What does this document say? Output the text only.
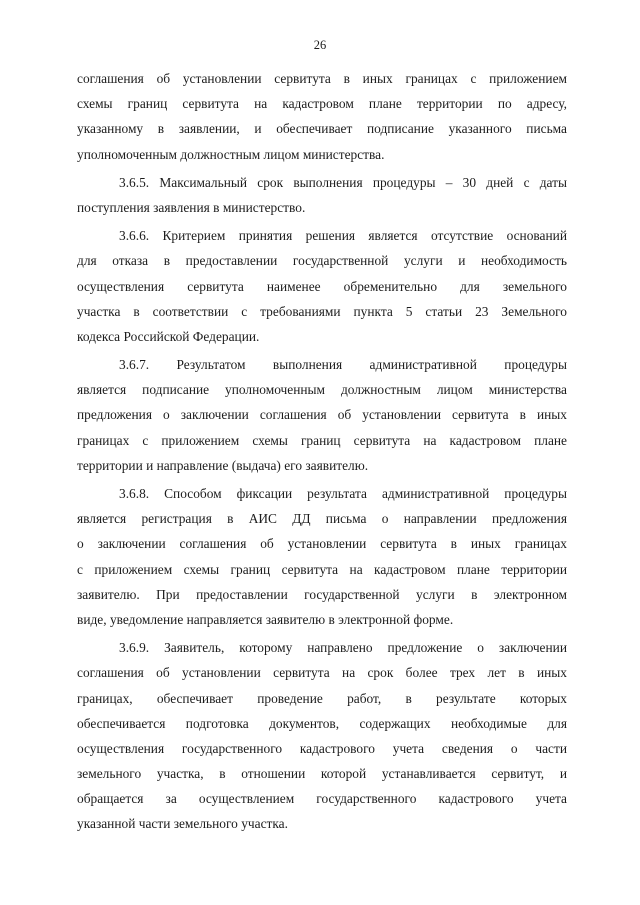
26
соглашения об установлении сервитута в иных границах с приложением
схемы границ сервитута на кадастровом плане территории по адресу,
указанному в заявлении, и обеспечивает подписание указанного письма
уполномоченным должностным лицом министерства.
3.6.5. Максимальный срок выполнения процедуры – 30 дней с даты
поступления заявления в министерство.
3.6.6. Критерием принятия решения является отсутствие оснований
для отказа в предоставлении государственной услуги и необходимость
осуществления сервитута наименее обременительно для земельного
участка в соответствии с требованиями пункта 5 статьи 23 Земельного
кодекса Российской Федерации.
3.6.7. Результатом выполнения административной процедуры
является подписание уполномоченным должностным лицом министерства
предложения о заключении соглашения об установлении сервитута в иных
границах с приложением схемы границ сервитута на кадастровом плане
территории и направление (выдача) его заявителю.
3.6.8. Способом фиксации результата административной процедуры
является регистрация в АИС ДД письма о направлении предложения
о заключении соглашения об установлении сервитута в иных границах
с приложением схемы границ сервитута на кадастровом плане территории
заявителю. При предоставлении государственной услуги в электронном
виде, уведомление направляется заявителю в электронной форме.
3.6.9. Заявитель, которому направлено предложение о заключении
соглашения об установлении сервитута на срок более трех лет в иных
границах, обеспечивает проведение работ, в результате которых
обеспечивается подготовка документов, содержащих необходимые для
осуществления государственного кадастрового учета сведения о части
земельного участка, в отношении которой устанавливается сервитут, и
обращается за осуществлением государственного кадастрового учета
указанной части земельного участка.
